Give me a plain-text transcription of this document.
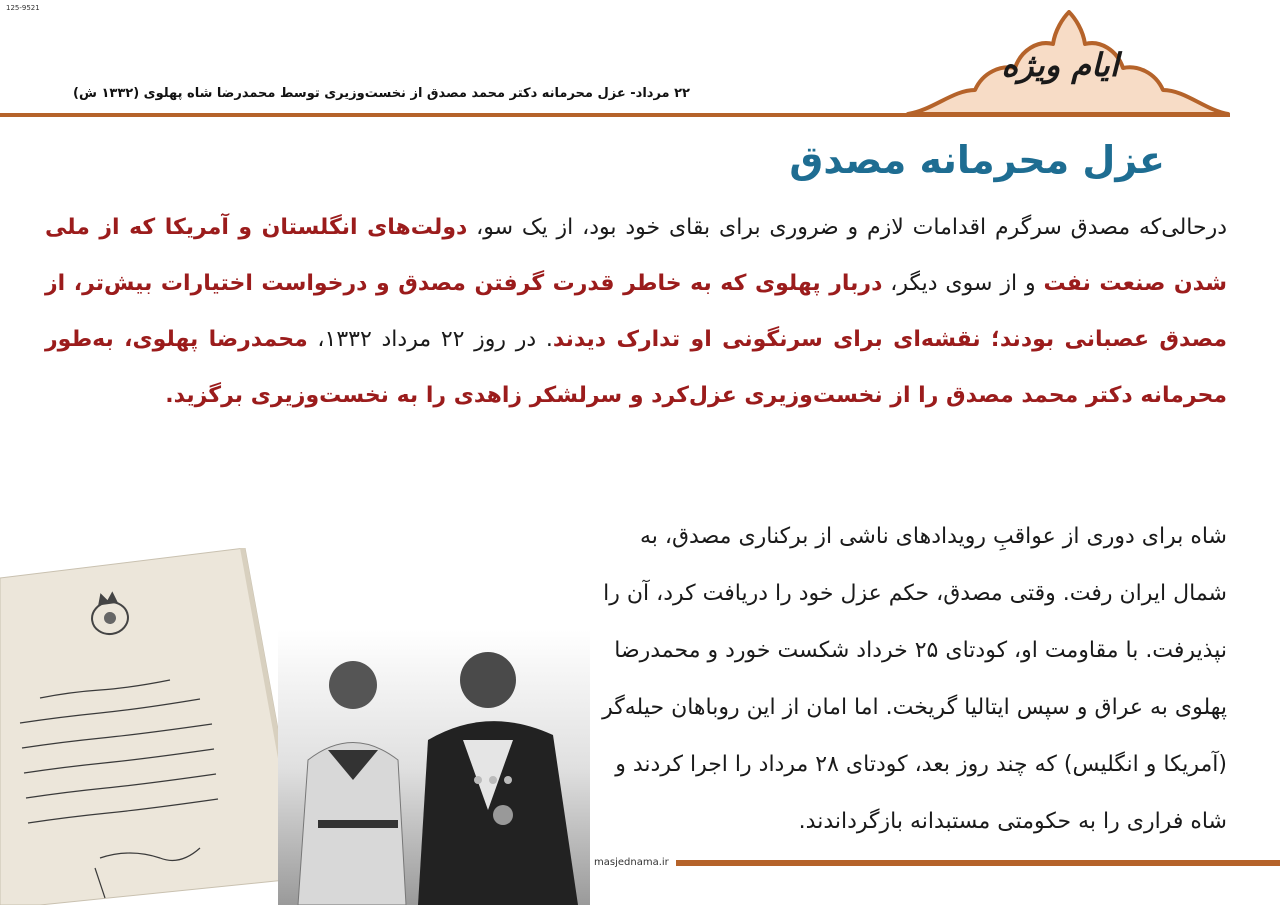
125-9521
ایام ویژه
۲۲ مرداد- عزل محرمانه دکتر محمد مصدق از نخست‌وزیری توسط محمدرضا شاه پهلوی (۱۳۳۲ ش)
عزل محرمانه مصدق
درحالی‌که مصدق سرگرم اقدامات لازم و ضروری برای بقای خود بود، از یک سو، دولت‌های انگلستان و آمریکا که از ملی شدن صنعت نفت و از سوی دیگر، دربار پهلوی که به خاطر قدرت گرفتن مصدق و درخواست اختیارات بیش‌تر، از مصدق عصبانی بودند؛ نقشه‌ای برای سرنگونی او تدارک دیدند. در روز ۲۲ مرداد ۱۳۳۲، محمدرضا پهلوی، به‌طور محرمانه دکتر محمد مصدق را از نخست‌وزیری عزل‌کرد و سرلشکر زاهدی را به نخست‌وزیری برگزید.
شاه برای دوری از عواقبِ رویدادهای ناشی از برکناری مصدق، به شمال ایران رفت. وقتی مصدق، حکم عزل خود را دریافت کرد، آن را نپذیرفت. با مقاومت او، کودتای ۲۵ خرداد شکست خورد و محمدرضا پهلوی به عراق و سپس ایتالیا گریخت. اما امان از این روباهان حیله‌گر (آمریکا و انگلیس) که چند روز بعد، کودتای ۲۸ مرداد را اجرا کردند و شاه فراری را به حکومتی مستبدانه بازگرداندند.
masjednama.ir
